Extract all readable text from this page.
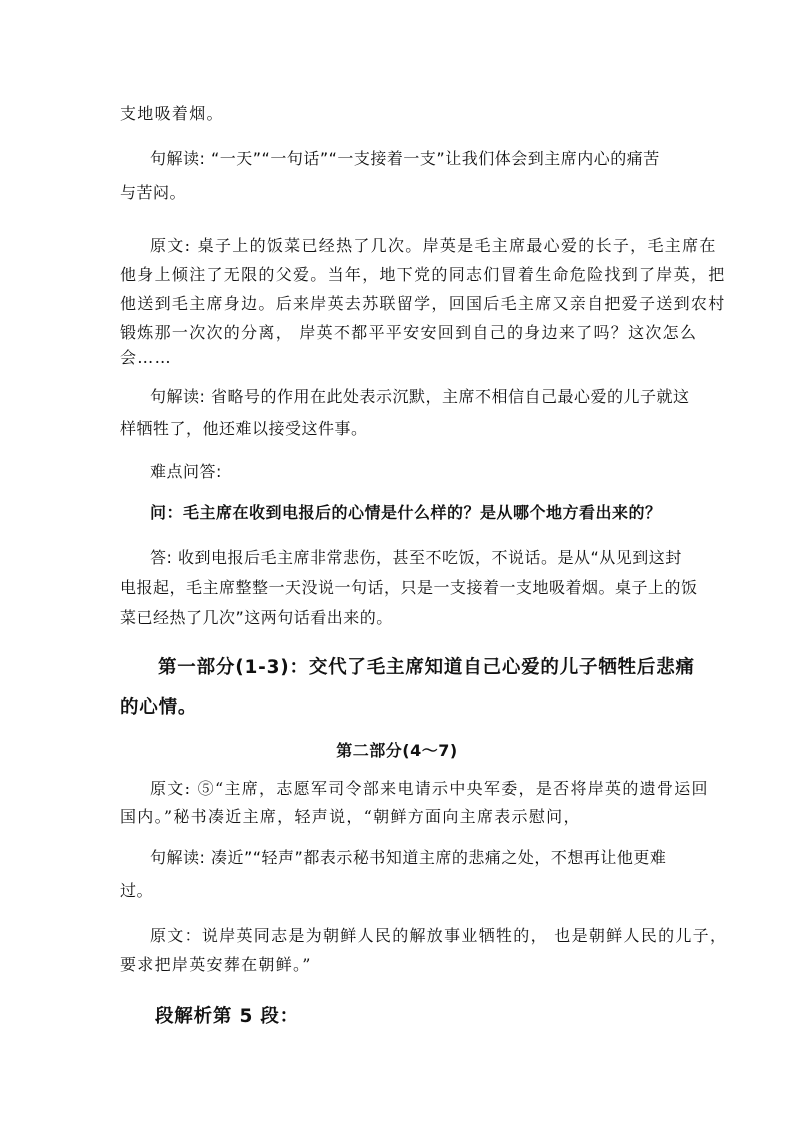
支地吸着烟。
句解读: “一天”“一句话”“一支接着一支”让我们体会到主席内心的痛苦
与苦闷。
原文: 桌子上的饭菜已经热了几次。岸英是毛主席最心爱的长子，毛主席在
他身上倾注了无限的父爱。当年，地下党的同志们冒着生命危险找到了岸英，把
他送到毛主席身边。后来岸英去苏联留学，回国后毛主席又亲自把爱子送到农村
锻炼那一次次的分离， 岸英不都平平安安回到自己的身边来了吗？这次怎么
会……
句解读: 省略号的作用在此处表示沉默，主席不相信自己最心爱的儿子就这
样牺牲了，他还难以接受这件事。
难点问答:
问：毛主席在收到电报后的心情是什么样的？是从哪个地方看出来的？
答: 收到电报后毛主席非常悲伤，甚至不吃饭，不说话。是从“从见到这封
电报起，毛主席整整一天没说一句话，只是一支接着一支地吸着烟。桌子上的饭
菜已经热了几次”这两句话看出来的。
第一部分(1-3)：交代了毛主席知道自己心爱的儿子牺牲后悲痛
的心情。
第二部分(4～7)
原文: ⑤“主席，志愿军司令部来电请示中央军委，是否将岸英的遗骨运回
国内。”秘书凑近主席，轻声说，“朝鲜方面向主席表示慰问，
句解读: 凑近”“轻声”都表示秘书知道主席的悲痛之处，不想再让他更难
过。
原文：说岸英同志是为朝鲜人民的解放事业牺牲的， 也是朝鲜人民的儿子，
要求把岸英安葬在朝鲜。”
段解析第 5 段：
